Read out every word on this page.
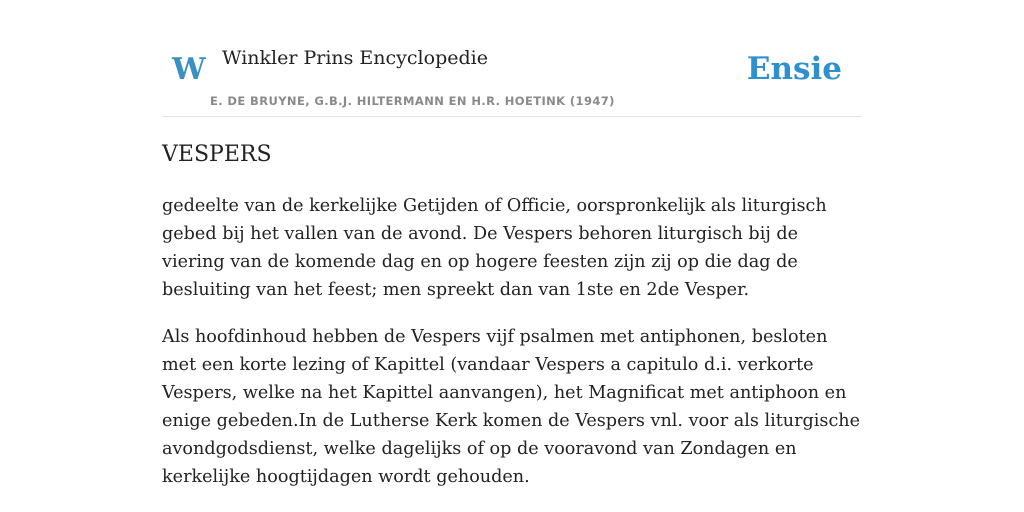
W Winkler Prins Encyclopedie
E. DE BRUYNE, G.B.J. HILTERMANN EN H.R. HOETINK (1947)
Ensie
VESPERS

gedeelte van de kerkelijke Getijden of Officie, oorspronkelijk als liturgisch gebed bij het vallen van de avond. De Vespers behoren liturgisch bij de viering van de komende dag en op hogere feesten zijn zij op die dag de besluiting van het feest; men spreekt dan van 1ste en 2de Vesper.

Als hoofdinhoud hebben de Vespers vijf psalmen met antiphonen, besloten met een korte lezing of Kapittel (vandaar Vespers a capitulo d.i. verkorte Vespers, welke na het Kapittel aanvangen), het Magnificat met antiphoon en enige gebeden.In de Lutherse Kerk komen de Vespers vnl. voor als liturgische avondgodsdienst, welke dagelijks of op de vooravond van Zondagen en kerkelijke hoogtijdagen wordt gehouden.
